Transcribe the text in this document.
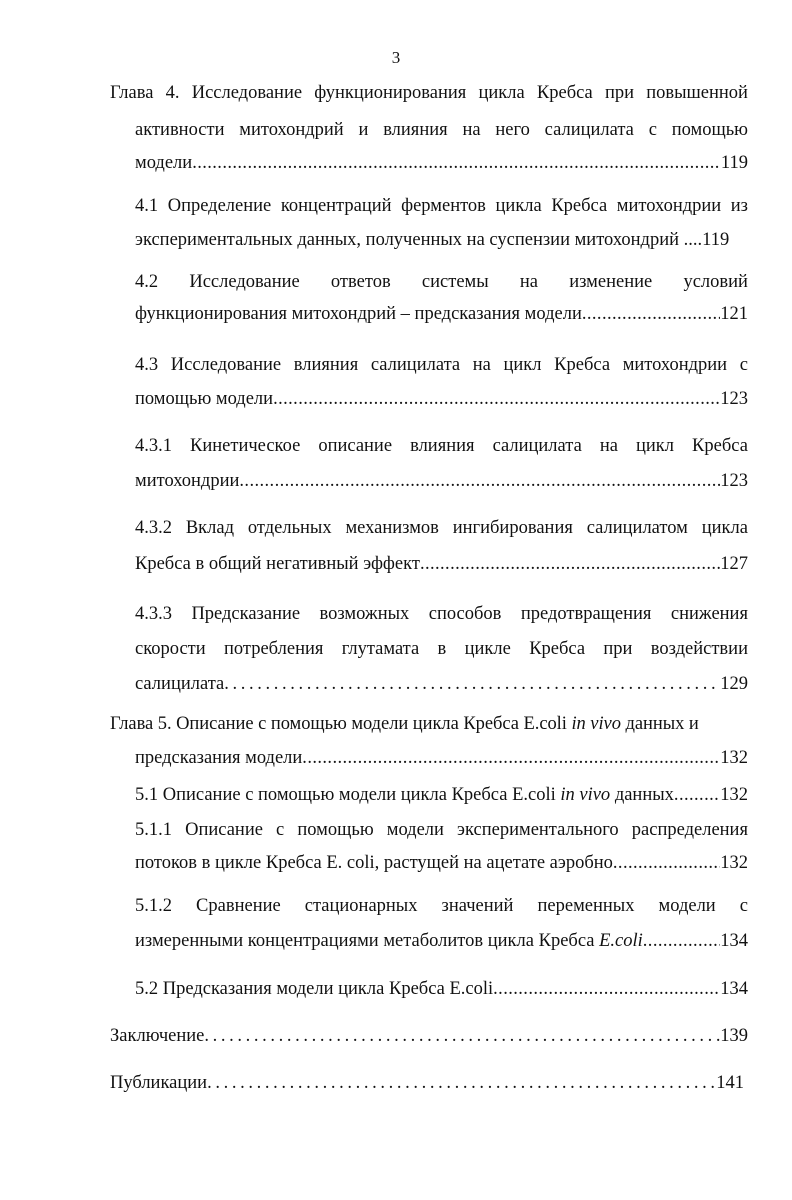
3
Глава 4. Исследование функционирования цикла Кребса при повышенной
активности митохондрий и влияния на него салицилата с помощью
модели .....	119
4.1 Определение концентраций ферментов цикла Кребса митохондрии из
экспериментальных данных, полученных на суспензии митохондрий .... 119
4.2 Исследование ответов системы на изменение условий
функционирования митохондрий – предсказания модели .....	121
4.3 Исследование влияния салицилата на цикл Кребса митохондрии с
помощью модели .....	123
4.3.1 Кинетическое описание влияния салицилата на цикл Кребса
митохондрии .....	123
4.3.2 Вклад отдельных механизмов ингибирования салицилатом цикла
Кребса в общий негативный эффект .....	127
4.3.3 Предсказание возможных способов предотвращения снижения
скорости потребления глутамата в цикле Кребса при воздействии
салицилата . . .	129
Глава 5. Описание с помощью модели цикла Кребса E.coli in vivo данных и
предсказания модели .....	132
5.1 Описание с помощью модели цикла Кребса E.coli in vivo данных .....	132
5.1.1 Описание с помощью модели экспериментального распределения
потоков в цикле Кребса E. coli, растущей на ацетате аэробно .....	132
5.1.2 Сравнение стационарных значений переменных модели с
измеренными концентрациями метаболитов цикла Кребса E.coli .....	134
5.2 Предсказания модели цикла Кребса E.coli .....	134
Заключение . . .	139
Публикации . . .	141
